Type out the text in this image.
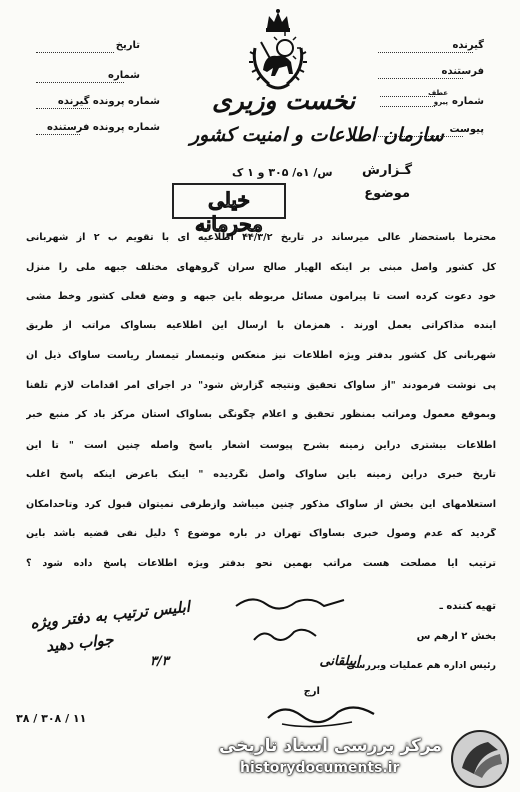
گیرنده
فرستنده
شماره
عطف
پیرو
پیوست
تاریخ
شماره
شماره پرونده گیرنده
شماره پرونده فرستنده
نخست وزیری
سازمان اطلاعات و امنیت کشور
گـزارش
موضوع
س/ ۱ه/ ۳۰۵ و ۱ ک
خیلی محرمانه
محترماً باستحضار عالی میرساند در تاریخ ۴۴/۳/۲ اطلاعیه ای با تقویم ب ۲ از شهربانی
کل کشور واصل مبنی بر اینکه الهیار صالح سران گروههای مختلف جبهه ملی را منزل
خود دعوت کرده است تا پیرامون مسائل مربوطه باین جبهه و وضع فعلی کشور وخط مشی
آینده مذاکراتی بعمل آورند . همزمان با ارسال این اطلاعیه بساواک مراتب از طریق
شهربانی کل کشور بدفتر ویژه اطلاعات نیز منعکس وتیمسار تیمسار ریاست ساواک ذیل آن
پی نوشت فرمودند "از ساواک تحقیق ونتیجه گزارش شود" در اجرای امر اقدامات لازم تلفنا
وبموقع معمول ومراتب بمنظور تحقیق و اعلام چگونگی بساواک استان مرکز باد کر منبع خبر
اطلاعات بیشتری دراین زمینه بشرح پیوست اشعار یاسخ واصله چنین است " تا این
تاریخ خبری دراین زمینه باین ساواک واصل نگردیده " اینک باعرض اینکه پاسخ اغلب
استعلامهای این بخش از ساواک مذکور چنین میباشد وازطرفی نمیتوان قبول کرد وتاحدامکان
گردید که عدم وصول خبری بساواک تهران در باره موضوع ؟ دلیل نفی قضیه باشد باین
ترتیب ایا مصلحت هست مراتب بهمین نحو بدفتر ویژه اطلاعات پاسخ داده شود ؟
تهیه کننده ـ
بخش ۲ ارهم س
رئیس اداره هم عملیات وبررسی
ابیلقانی
ارج
ابلیس ترتیب به دفتر ویژه
جواب دهید
۳/۳
۳۸ / ۳۰۸ / ۱۱
مرکز بررسی اسناد تاریخی
historydocuments.ir
